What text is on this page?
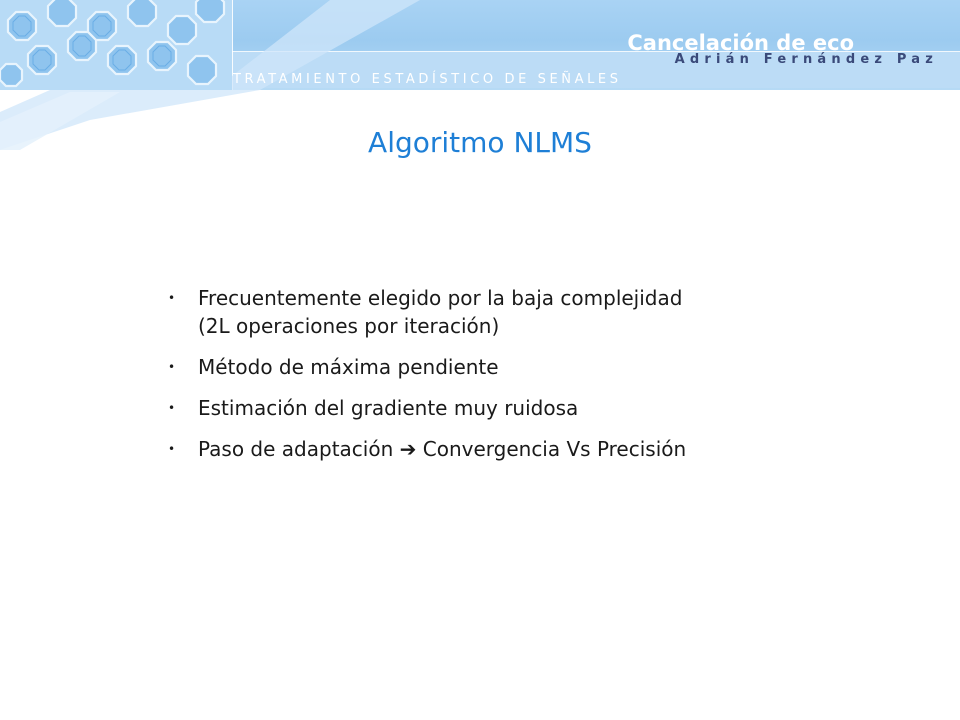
TRATAMIENTO ESTADÍSTICO DE SEÑALES
Cancelación de eco
Adrián Fernández Paz
Algoritmo NLMS
• Frecuentemente elegido por la baja complejidad
(2L operaciones por iteración)
• Método de máxima pendiente
• Estimación del gradiente muy ruidosa
• Paso de adaptación ➔ Convergencia Vs Precisión
